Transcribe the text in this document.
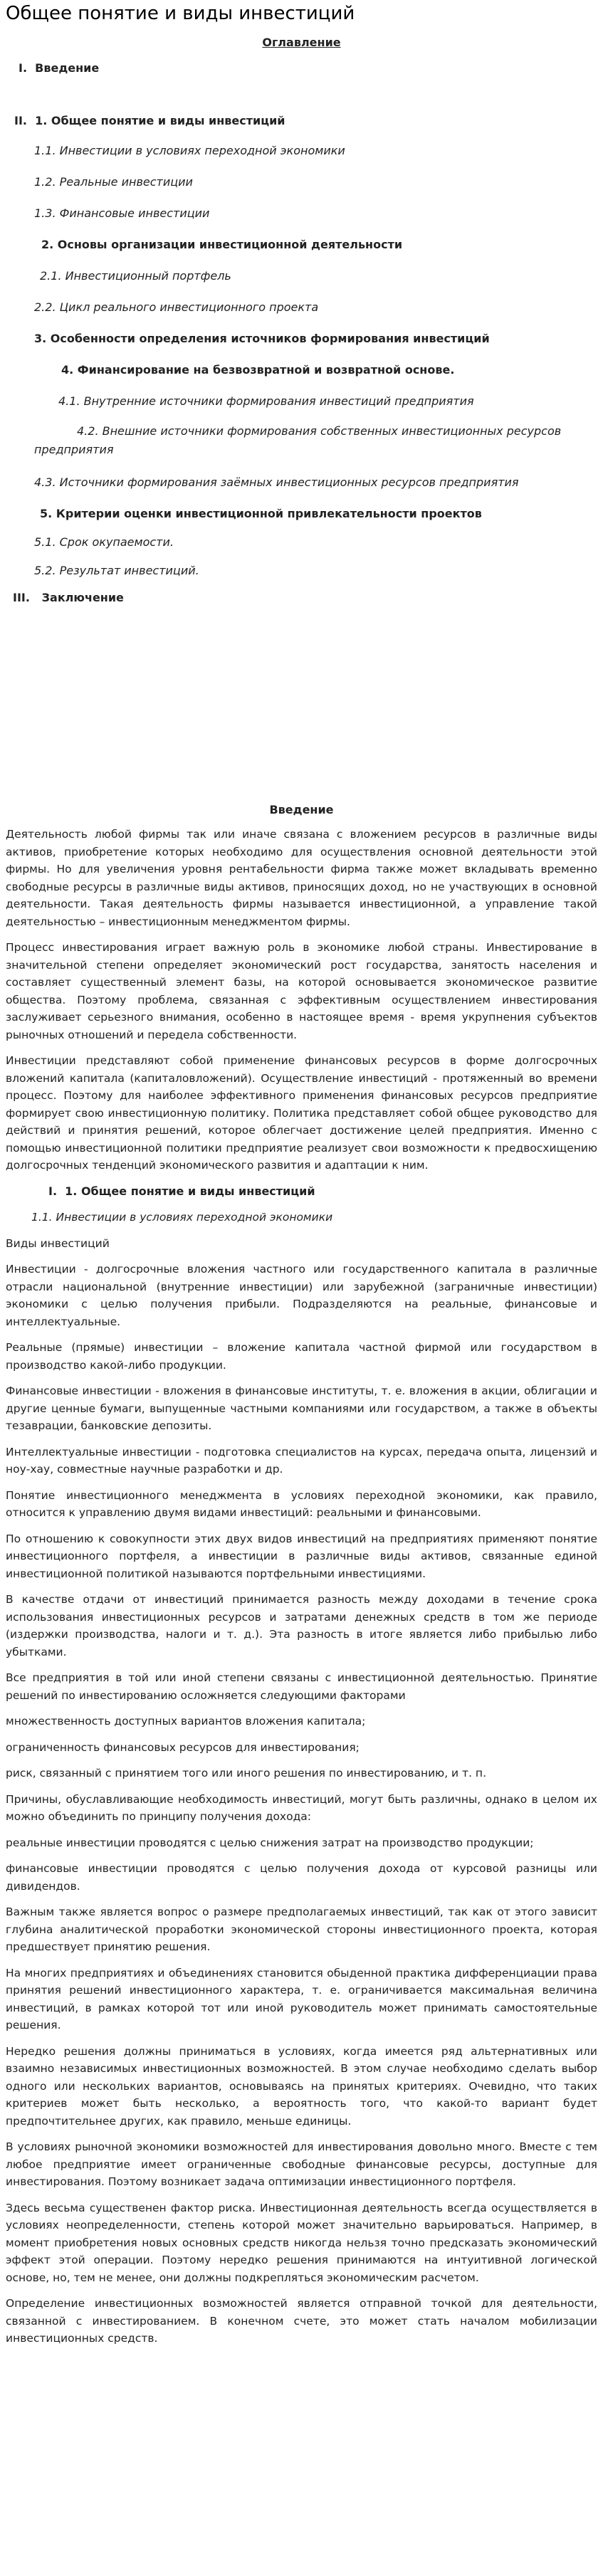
Общее понятие и виды инвестиций
Оглавление
I. Введение
II. 1. Общее понятие и виды инвестиций
1.1. Инвестиции в условиях переходной экономики
1.2. Реальные инвестиции
1.3. Финансовые инвестиции
2. Основы организации инвестиционной деятельности
2.1. Инвестиционный портфель
2.2. Цикл реального инвестиционного проекта
3. Особенности определения источников формирования инвестиций
4. Финансирование на безвозвратной и возвратной основе.
4.1. Внутренние источники формирования инвестиций предприятия
4.2. Внешние источники формирования собственных инвестиционных ресурсов предприятия
4.3. Источники формирования заёмных инвестиционных ресурсов предприятия
5. Критерии оценки инвестиционной привлекательности проектов
5.1. Срок окупаемости.
5.2. Результат инвестиций.
III. Заключение
Введение

Деятельность любой фирмы так или иначе связана с вложением ресурсов в различные виды активов, приобретение которых необходимо для осуществления основной деятельности этой фирмы. Но для увеличения уровня рентабельности фирма также может вкладывать временно свободные ресурсы в различные виды активов, приносящих доход, но не участвующих в основной деятельности. Такая деятельность фирмы называется инвестиционной, а управление такой деятельностью – инвестиционным менеджментом фирмы.

Процесс инвестирования играет важную роль в экономике любой страны. Инвестирование в значительной степени определяет экономический рост государства, занятость населения и составляет существенный элемент базы, на которой основывается экономическое развитие общества. Поэтому проблема, связанная с эффективным осуществлением инвестирования заслуживает серьезного внимания, особенно в настоящее время - время укрупнения субъектов рыночных отношений и передела собственности.

Инвестиции представляют собой применение финансовых ресурсов в форме долгосрочных вложений капитала (капиталовложений). Осуществление инвестиций - протяженный во времени процесс. Поэтому для наиболее эффективного применения финансовых ресурсов предприятие формирует свою инвестиционную политику. Политика представляет собой общее руководство для действий и принятия решений, которое облегчает достижение целей предприятия. Именно с помощью инвестиционной политики предприятие реализует свои возможности к предвосхищению долгосрочных тенденций экономического развития и адаптации к ним.

I. 1. Общее понятие и виды инвестиций

1.1. Инвестиции в условиях переходной экономики

Виды инвестиций

Инвестиции - долгосрочные вложения частного или государственного капитала в различные отрасли национальной (внутренние инвестиции) или зарубежной (заграничные инвестиции) экономики с целью получения прибыли. Подразделяются на реальные, финансовые и интеллектуальные.

Реальные (прямые) инвестиции – вложение капитала частной фирмой или государством в производство какой-либо продукции.

Финансовые инвестиции - вложения в финансовые институты, т. е. вложения в акции, облигации и другие ценные бумаги, выпущенные частными компаниями или государством, а также в объекты тезаврации, банковские депозиты.

Интеллектуальные инвестиции - подготовка специалистов на курсах, передача опыта, лицензий и ноу-хау, совместные научные разработки и др.

Понятие инвестиционного менеджмента в условиях переходной экономики, как правило, относится к управлению двумя видами инвестиций: реальными и финансовыми.

По отношению к совокупности этих двух видов инвестиций на предприятиях применяют понятие инвестиционного портфеля, а инвестиции в различные виды активов, связанные единой инвестиционной политикой называются портфельными инвестициями.

В качестве отдачи от инвестиций принимается разность между доходами в течение срока использования инвестиционных ресурсов и затратами денежных средств в том же периоде (издержки производства, налоги и т. д.). Эта разность в итоге является либо прибылью либо убытками.

Все предприятия в той или иной степени связаны с инвестиционной деятельностью. Принятие решений по инвестированию осложняется следующими факторами

множественность доступных вариантов вложения капитала;

ограниченность финансовых ресурсов для инвестирования;

риск, связанный с принятием того или иного решения по инвестированию, и т. п.

Причины, обуславливающие необходимость инвестиций, могут быть различны, однако в целом их можно объединить по принципу получения дохода:

реальные инвестиции проводятся с целью снижения затрат на производство продукции;

финансовые инвестиции проводятся с целью получения дохода от курсовой разницы или дивидендов.

Важным также является вопрос о размере предполагаемых инвестиций, так как от этого зависит глубина аналитической проработки экономической стороны инвестиционного проекта, которая предшествует принятию решения.

На многих предприятиях и объединениях становится обыденной практика дифференциации права принятия решений инвестиционного характера, т. е. ограничивается максимальная величина инвестиций, в рамках которой тот или иной руководитель может принимать самостоятельные решения.

Нередко решения должны приниматься в условиях, когда имеется ряд альтернативных или взаимно независимых инвестиционных возможностей. В этом случае необходимо сделать выбор одного или нескольких вариантов, основываясь на принятых критериях. Очевидно, что таких критериев может быть несколько, а вероятность того, что какой-то вариант будет предпочтительнее других, как правило, меньше единицы.

В условиях рыночной экономики возможностей для инвестирования довольно много. Вместе с тем любое предприятие имеет ограниченные свободные финансовые ресурсы, доступные для инвестирования. Поэтому возникает задача оптимизации инвестиционного портфеля.

Здесь весьма существенен фактор риска. Инвестиционная деятельность всегда осуществляется в условиях неопределенности, степень которой может значительно варьироваться. Например, в момент приобретения новых основных средств никогда нельзя точно предсказать экономический эффект этой операции. Поэтому нередко решения принимаются на интуитивной логической основе, но, тем не менее, они должны подкрепляться экономическим расчетом.

Определение инвестиционных возможностей является отправной точкой для деятельности, связанной с инвестированием. В конечном счете, это может стать началом мобилизации инвестиционных средств.
